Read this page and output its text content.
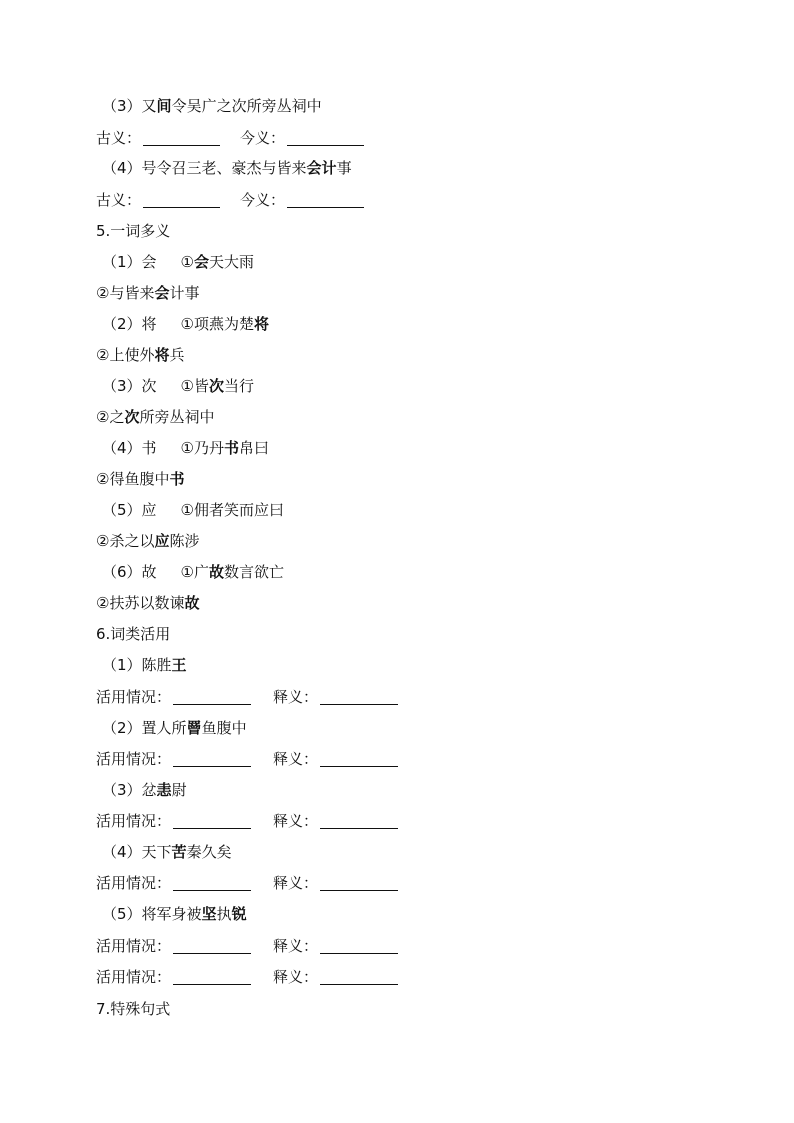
（3）又间令吴广之次所旁丛祠中
古义：	今义：
（4）号令召三老、豪杰与皆来会计事
古义：	今义：
5.一词多义
（1）会 ①会天大雨
②与皆来会计事
（2）将 ①项燕为楚将
②上使外将兵
（3）次 ①皆次当行
②之次所旁丛祠中
（4）书 ①乃丹书帛曰
②得鱼腹中书
（5）应 ①佣者笑而应曰
②杀之以应陈涉
（6）故 ①广故数言欲亡
②扶苏以数谏故
6.词类活用
（1）陈胜王
活用情况：	释义：
（2）置人所罾鱼腹中
活用情况：	释义：
（3）忿恚尉
活用情况：	释义：
（4）天下苦秦久矣
活用情况：	释义：
（5）将军身被坚执锐
活用情况：	释义：
活用情况：	释义：
7.特殊句式
